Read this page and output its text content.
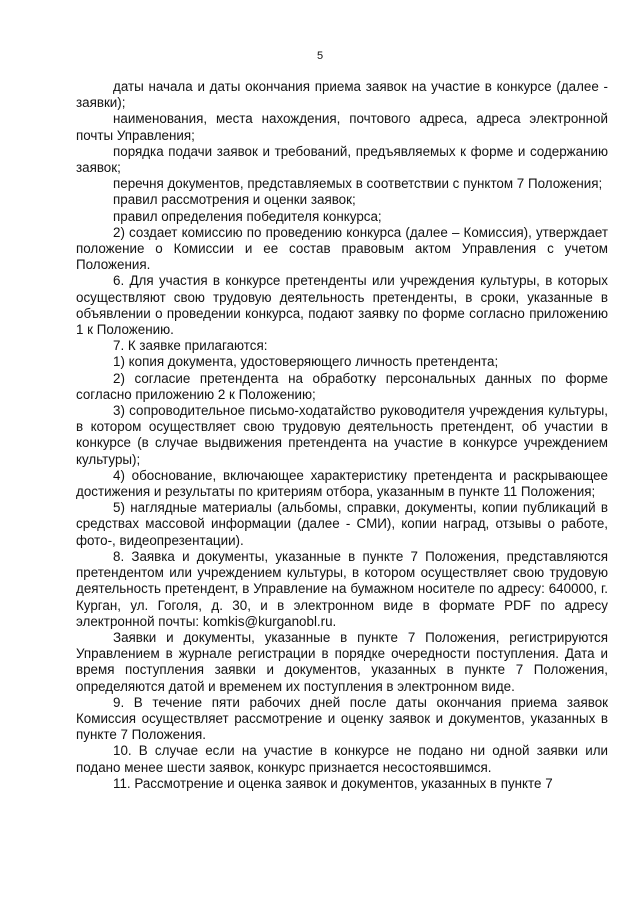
5

даты начала и даты окончания приема заявок на участие в конкурсе (далее - заявки);

наименования, места нахождения, почтового адреса, адреса электронной почты Управления;

порядка подачи заявок и требований, предъявляемых к форме и содержанию заявок;

перечня документов, представляемых в соответствии с пунктом 7 Положения;

правил рассмотрения и оценки заявок;

правил определения победителя конкурса;

2) создает комиссию по проведению конкурса (далее – Комиссия), утверждает положение о Комиссии и ее состав правовым актом Управления с учетом Положения.

6. Для участия в конкурсе претенденты или учреждения культуры, в которых осуществляют свою трудовую деятельность претенденты, в сроки, указанные в объявлении о проведении конкурса, подают заявку по форме согласно приложению 1 к Положению.

7. К заявке прилагаются:

1) копия документа, удостоверяющего личность претендента;

2) согласие претендента на обработку персональных данных по форме согласно приложению 2 к Положению;

3) сопроводительное письмо-ходатайство руководителя учреждения культуры, в котором осуществляет свою трудовую деятельность претендент, об участии в конкурсе (в случае выдвижения претендента на участие в конкурсе учреждением культуры);

4) обоснование, включающее характеристику претендента и раскрывающее достижения и результаты по критериям отбора, указанным в пункте 11 Положения;

5) наглядные материалы (альбомы, справки, документы, копии публикаций в средствах массовой информации (далее - СМИ), копии наград, отзывы о работе, фото-, видеопрезентации).

8. Заявка и документы, указанные в пункте 7 Положения, представляются претендентом или учреждением культуры, в котором осуществляет свою трудовую деятельность претендент, в Управление на бумажном носителе по адресу: 640000, г. Курган, ул. Гоголя, д. 30, и в электронном виде в формате PDF по адресу электронной почты: komkis@kurganobl.ru.

Заявки и документы, указанные в пункте 7 Положения, регистрируются Управлением в журнале регистрации в порядке очередности поступления. Дата и время поступления заявки и документов, указанных в пункте 7 Положения, определяются датой и временем их поступления в электронном виде.

9. В течение пяти рабочих дней после даты окончания приема заявок Комиссия осуществляет рассмотрение и оценку заявок и документов, указанных в пункте 7 Положения.

10. В случае если на участие в конкурсе не подано ни одной заявки или подано менее шести заявок, конкурс признается несостоявшимся.

11. Рассмотрение и оценка заявок и документов, указанных в пункте 7
